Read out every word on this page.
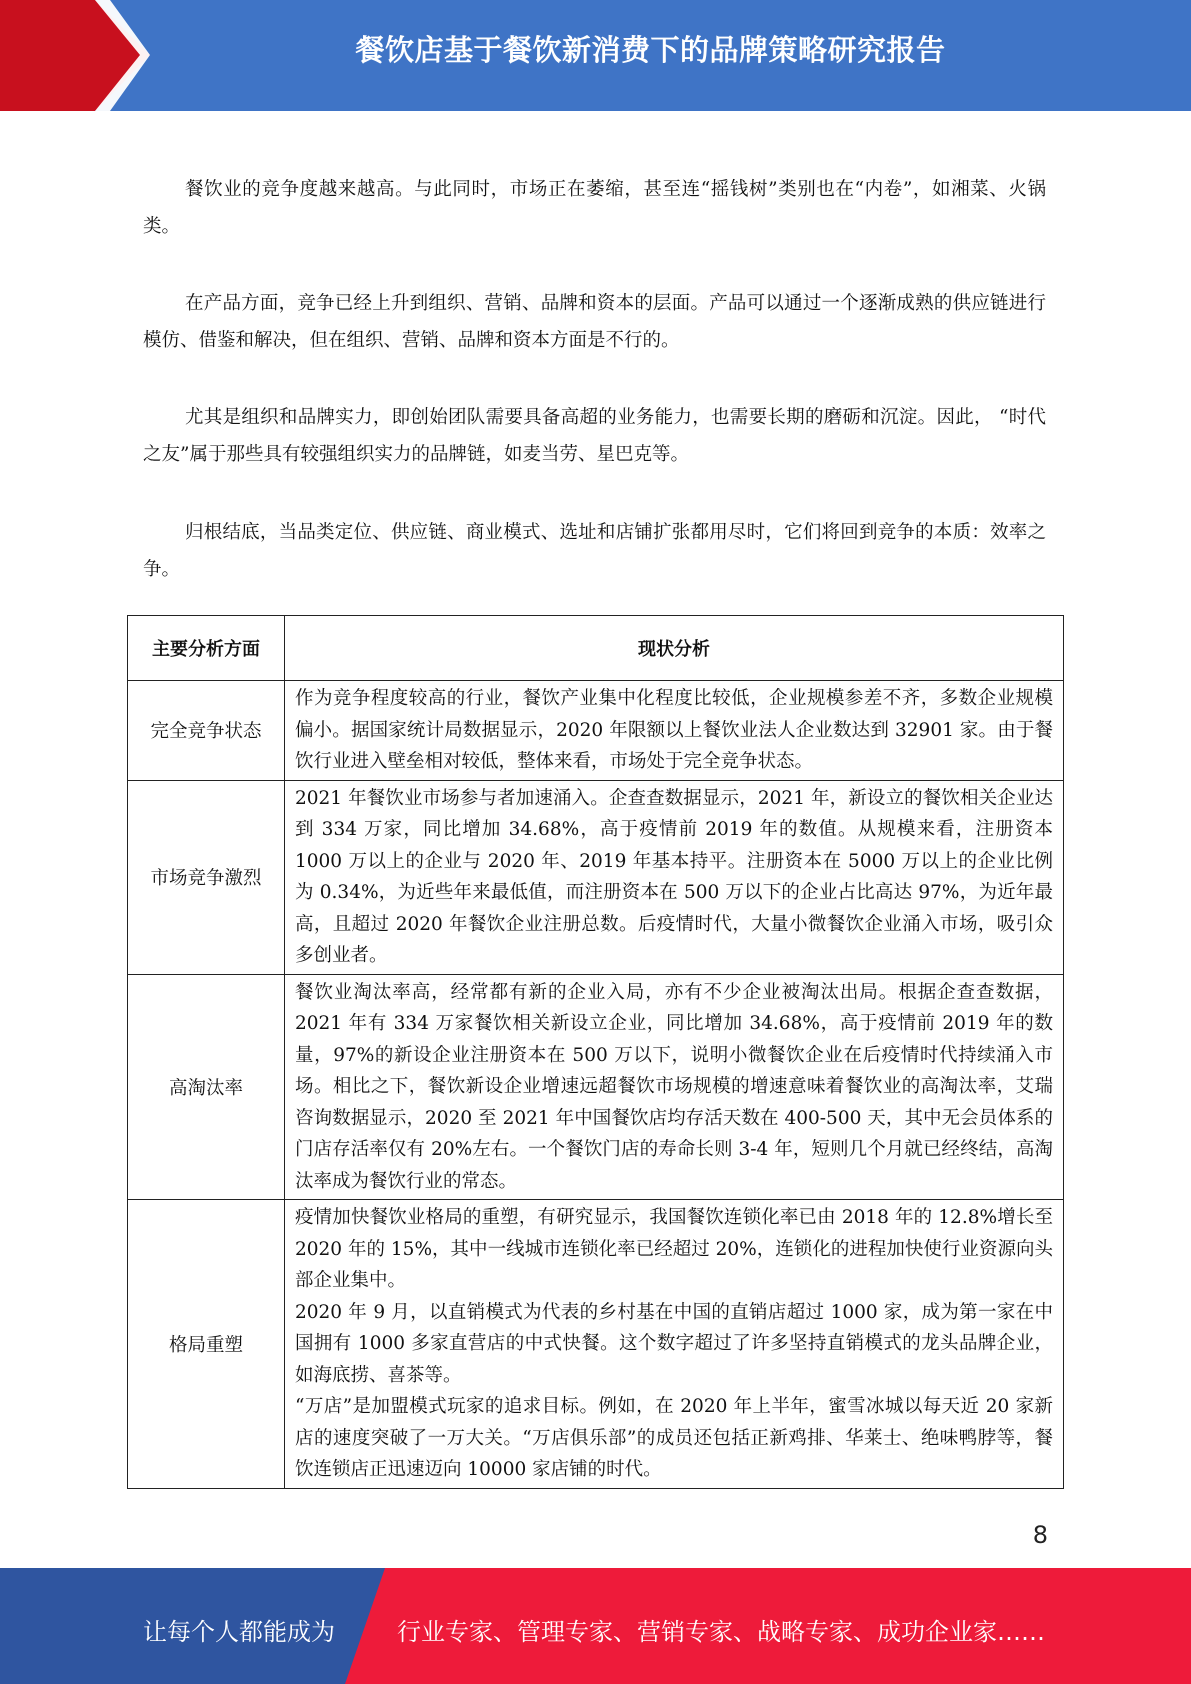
餐饮店基于餐饮新消费下的品牌策略研究报告

餐饮业的竞争度越来越高。与此同时，市场正在萎缩，甚至连“摇钱树”类别也在“内卷”，如湘菜、火锅类。

在产品方面，竞争已经上升到组织、营销、品牌和资本的层面。产品可以通过一个逐渐成熟的供应链进行模仿、借鉴和解决，但在组织、营销、品牌和资本方面是不行的。

尤其是组织和品牌实力，即创始团队需要具备高超的业务能力，也需要长期的磨砺和沉淀。因此， “时代之友”属于那些具有较强组织实力的品牌链，如麦当劳、星巴克等。

归根结底，当品类定位、供应链、商业模式、选址和店铺扩张都用尽时，它们将回到竞争的本质：效率之争。

主要分析方面	现状分析
完全竞争状态	作为竞争程度较高的行业，餐饮产业集中化程度比较低，企业规模参差不齐，多数企业规模偏小。据国家统计局数据显示，2020 年限额以上餐饮业法人企业数达到 32901 家。由于餐饮行业进入壁垒相对较低，整体来看，市场处于完全竞争状态。

市场竞争激烈	2021 年餐饮业市场参与者加速涌入。企查查数据显示，2021 年，新设立的餐饮相关企业达到 334 万家，同比增加 34.68%，高于疫情前 2019 年的数值。从规模来看，注册资本 1000 万以上的企业与 2020 年、2019 年基本持平。注册资本在 5000 万以上的企业比例为 0.34%，为近些年来最低值，而注册资本在 500 万以下的企业占比高达 97%，为近年最高，且超过 2020 年餐饮企业注册总数。后疫情时代，大量小微餐饮企业涌入市场，吸引众多创业者。

高淘汰率	餐饮业淘汰率高，经常都有新的企业入局，亦有不少企业被淘汰出局。根据企查查数据，2021 年有 334 万家餐饮相关新设立企业，同比增加 34.68%，高于疫情前 2019 年的数量，97%的新设企业注册资本在 500 万以下，说明小微餐饮企业在后疫情时代持续涌入市场。相比之下，餐饮新设企业增速远超餐饮市场规模的增速意味着餐饮业的高淘汰率，艾瑞咨询数据显示，2020 至 2021 年中国餐饮店均存活天数在 400-500 天，其中无会员体系的门店存活率仅有 20%左右。一个餐饮门店的寿命长则 3-4 年，短则几个月就已经终结，高淘汰率成为餐饮行业的常态。

格局重塑	疫情加快餐饮业格局的重塑，有研究显示，我国餐饮连锁化率已由 2018 年的 12.8%增长至 2020 年的 15%，其中一线城市连锁化率已经超过 20%，连锁化的进程加快使行业资源向头部企业集中。

2020 年 9 月，以直销模式为代表的乡村基在中国的直销店超过 1000 家，成为第一家在中国拥有 1000 多家直营店的中式快餐。这个数字超过了许多坚持直销模式的龙头品牌企业，如海底捞、喜茶等。

“万店”是加盟模式玩家的追求目标。例如，在 2020 年上半年，蜜雪冰城以每天近 20 家新店的速度突破了一万大关。“万店俱乐部”的成员还包括正新鸡排、华莱士、绝味鸭脖等，餐饮连锁店正迅速迈向 10000 家店铺的时代。

8
让每个人都能成为	行业专家、管理专家、营销专家、战略专家、成功企业家……
